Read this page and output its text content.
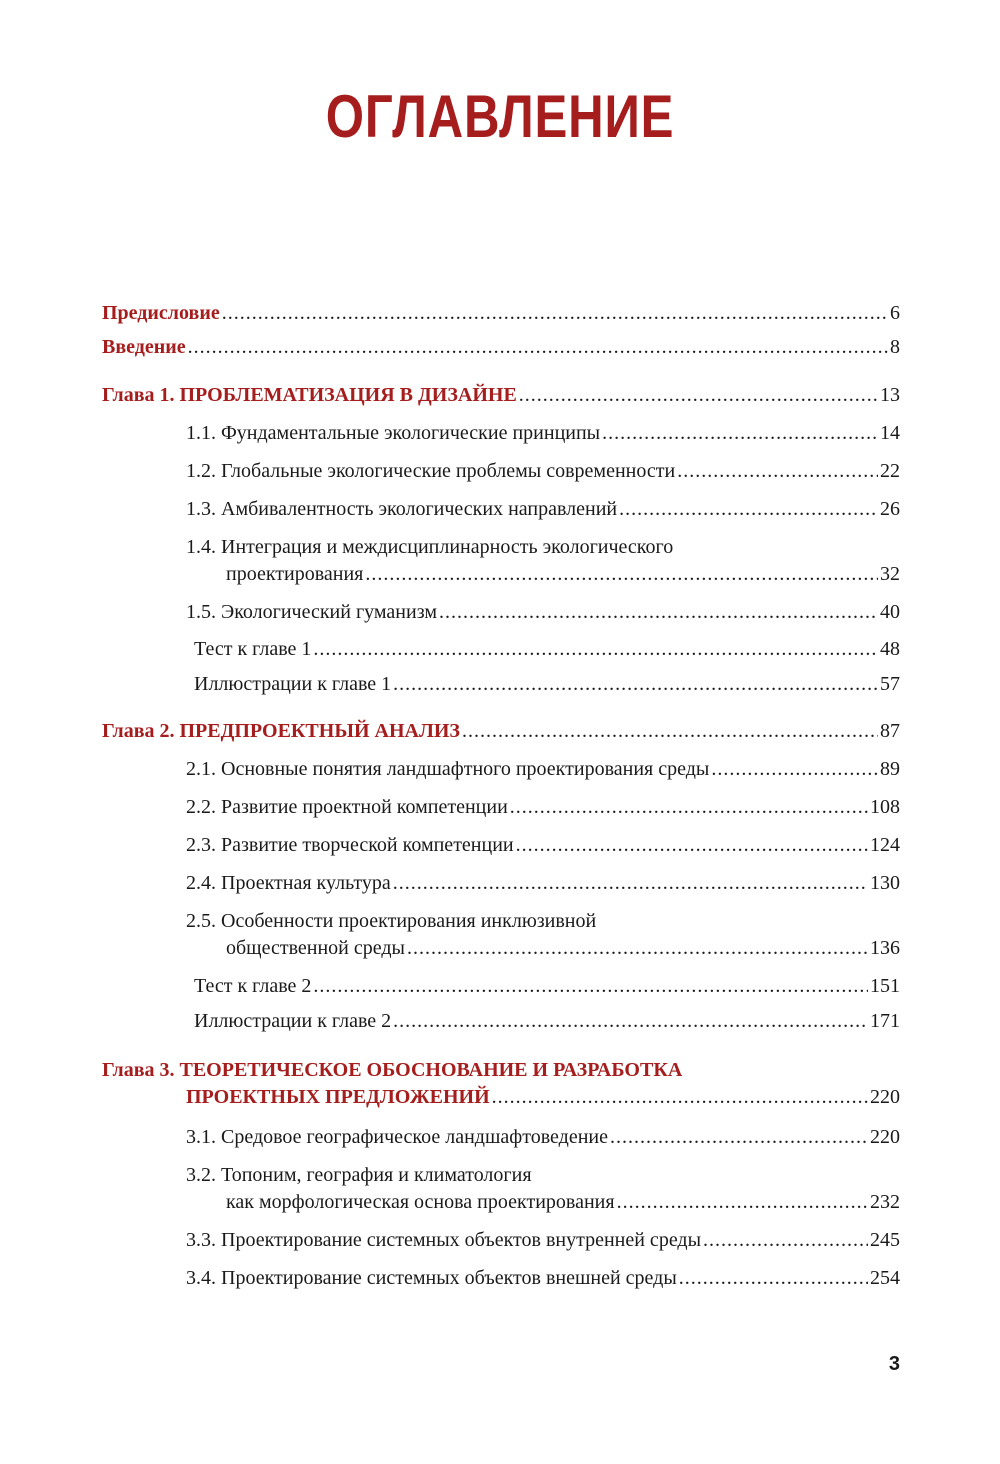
ОГЛАВЛЕНИЕ
Предисловие .....	6
Введение .....	8
Глава 1. ПРОБЛЕМАТИЗАЦИЯ В ДИЗАЙНЕ .....	13
1.1. Фундаментальные экологические принципы .....	14
1.2. Глобальные экологические проблемы современности .....	22
1.3. Амбивалентность экологических направлений .....	26
1.4. Интеграция и междисциплинарность экологического
проектирования .....	32
1.5. Экологический гуманизм .....	40
Тест к главе 1 .....	48
Иллюстрации к главе 1 .....	57
Глава 2. ПРЕДПРОЕКТНЫЙ АНАЛИЗ .....	87
2.1. Основные понятия ландшафтного проектирования среды .....	89
2.2. Развитие проектной компетенции .....	108
2.3. Развитие творческой компетенции .....	124
2.4. Проектная культура .....	130
2.5. Особенности проектирования инклюзивной
общественной среды .....	136
Тест к главе 2 .....	151
Иллюстрации к главе 2 .....	171
Глава 3. ТЕОРЕТИЧЕСКОЕ ОБОСНОВАНИЕ И РАЗРАБОТКА
ПРОЕКТНЫХ ПРЕДЛОЖЕНИЙ .....	220
3.1. Средовое географическое ландшафтоведение .....	220
3.2. Топоним, география и климатология
как морфологическая основа проектирования .....	232
3.3. Проектирование системных объектов внутренней среды .....	245
3.4. Проектирование системных объектов внешней среды .....	254
3
